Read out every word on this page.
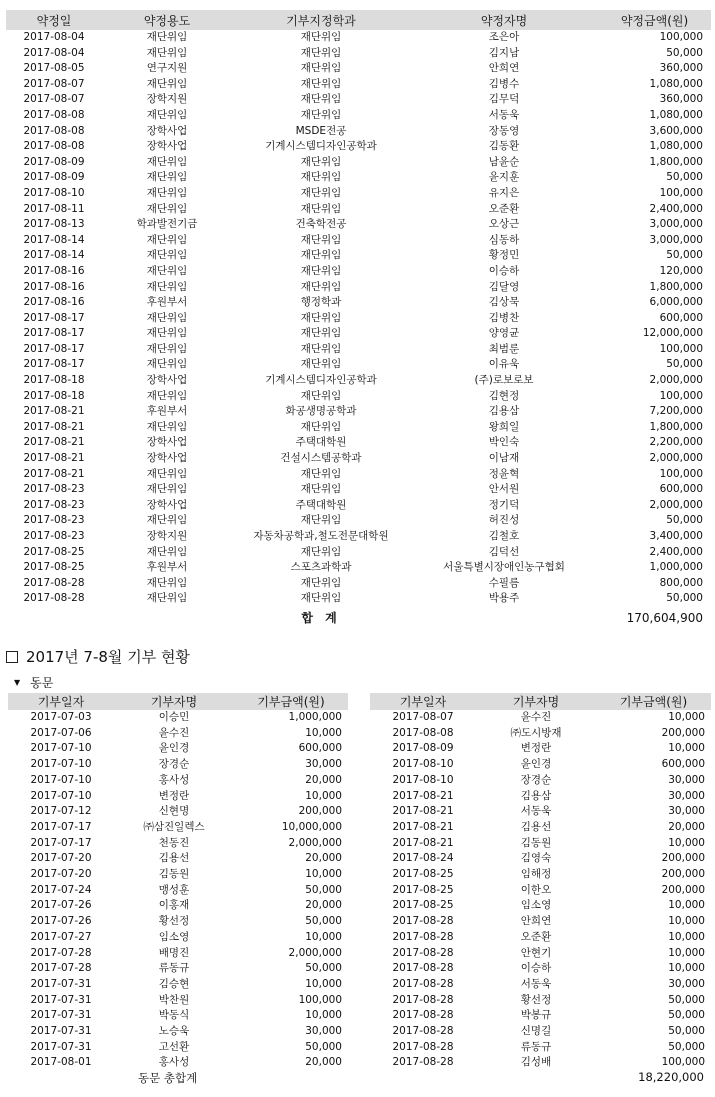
약정일	약정용도	기부지정학과	약정자명	약정금액(원)
2017-08-04	재단위임	재단위임	조은아	100,000
2017-08-04	재단위임	재단위임	김지남	50,000
2017-08-05	연구지원	재단위임	안희연	360,000
2017-08-07	재단위임	재단위임	김병수	1,080,000
2017-08-07	장학지원	재단위임	김무덕	360,000
2017-08-08	재단위임	재단위임	서동욱	1,080,000
2017-08-08	장학사업	MSDE전공	장동영	3,600,000
2017-08-08	장학사업	기계시스템디자인공학과	김동환	1,080,000
2017-08-09	재단위임	재단위임	남윤순	1,800,000
2017-08-09	재단위임	재단위임	윤지훈	50,000
2017-08-10	재단위임	재단위임	유지은	100,000
2017-08-11	재단위임	재단위임	오준환	2,400,000
2017-08-13	학과발전기금	건축학전공	오상근	3,000,000
2017-08-14	재단위임	재단위임	심동하	3,000,000
2017-08-14	재단위임	재단위임	황정민	50,000
2017-08-16	재단위임	재단위임	이승하	120,000
2017-08-16	재단위임	재단위임	김달영	1,800,000
2017-08-16	후원부서	행정학과	김상묵	6,000,000
2017-08-17	재단위임	재단위임	김병찬	600,000
2017-08-17	재단위임	재단위임	양영균	12,000,000
2017-08-17	재단위임	재단위임	최범룬	100,000
2017-08-17	재단위임	재단위임	이유욱	50,000
2017-08-18	장학사업	기계시스템디자인공학과	(주)로보로보	2,000,000
2017-08-18	재단위임	재단위임	김현정	100,000
2017-08-21	후원부서	화공생명공학과	김용삼	7,200,000
2017-08-21	재단위임	재단위임	왕희일	1,800,000
2017-08-21	장학사업	주택대학원	박인숙	2,200,000
2017-08-21	장학사업	건설시스템공학과	이남재	2,000,000
2017-08-21	재단위임	재단위임	정윤혁	100,000
2017-08-23	재단위임	재단위임	안서원	600,000
2017-08-23	장학사업	주택대학원	정기덕	2,000,000
2017-08-23	재단위임	재단위임	허진성	50,000
2017-08-23	장학지원	자동차공학과,철도전문대학원	김철호	3,400,000
2017-08-25	재단위임	재단위임	김덕선	2,400,000
2017-08-25	후원부서	스포츠과학과	서울특별시장애인농구협회	1,000,000
2017-08-28	재단위임	재단위임	수필름	800,000
2017-08-28	재단위임	재단위임	박용주	50,000
		합 계		170,604,900
2017년 7-8월 기부 현황
▼ 동문
기부일자	기부자명	기부금액(원)
2017-07-03	이승민	1,000,000
2017-07-06	윤수진	10,000
2017-07-10	윤인경	600,000
2017-07-10	장경순	30,000
2017-07-10	홍사성	20,000
2017-07-10	변정란	10,000
2017-07-12	신현명	200,000
2017-07-17	㈜삼진일렉스	10,000,000
2017-07-17	천동진	2,000,000
2017-07-20	김용선	20,000
2017-07-20	김동원	10,000
2017-07-24	맹성훈	50,000
2017-07-26	이홍재	20,000
2017-07-26	황선정	50,000
2017-07-27	임소영	10,000
2017-07-28	배명진	2,000,000
2017-07-28	류동규	50,000
2017-07-31	김승현	10,000
2017-07-31	박찬원	100,000
2017-07-31	박동식	10,000
2017-07-31	노승욱	30,000
2017-07-31	고선환	50,000
2017-08-01	홍사성	20,000
기부일자	기부자명	기부금액(원)
2017-08-07	윤수진	10,000
2017-08-08	㈜도시방재	200,000
2017-08-09	변정란	10,000
2017-08-10	윤인경	600,000
2017-08-10	장경순	30,000
2017-08-21	김용삼	30,000
2017-08-21	서동욱	30,000
2017-08-21	김용선	20,000
2017-08-21	김동원	10,000
2017-08-24	김영숙	200,000
2017-08-25	임해정	200,000
2017-08-25	이한오	200,000
2017-08-25	임소영	10,000
2017-08-28	안희연	10,000
2017-08-28	오준환	10,000
2017-08-28	안현기	10,000
2017-08-28	이승하	10,000
2017-08-28	서동욱	30,000
2017-08-28	황선정	50,000
2017-08-28	박봉규	50,000
2017-08-28	신명길	50,000
2017-08-28	류동규	50,000
2017-08-28	김성배	100,000
동문 총합계	18,220,000
